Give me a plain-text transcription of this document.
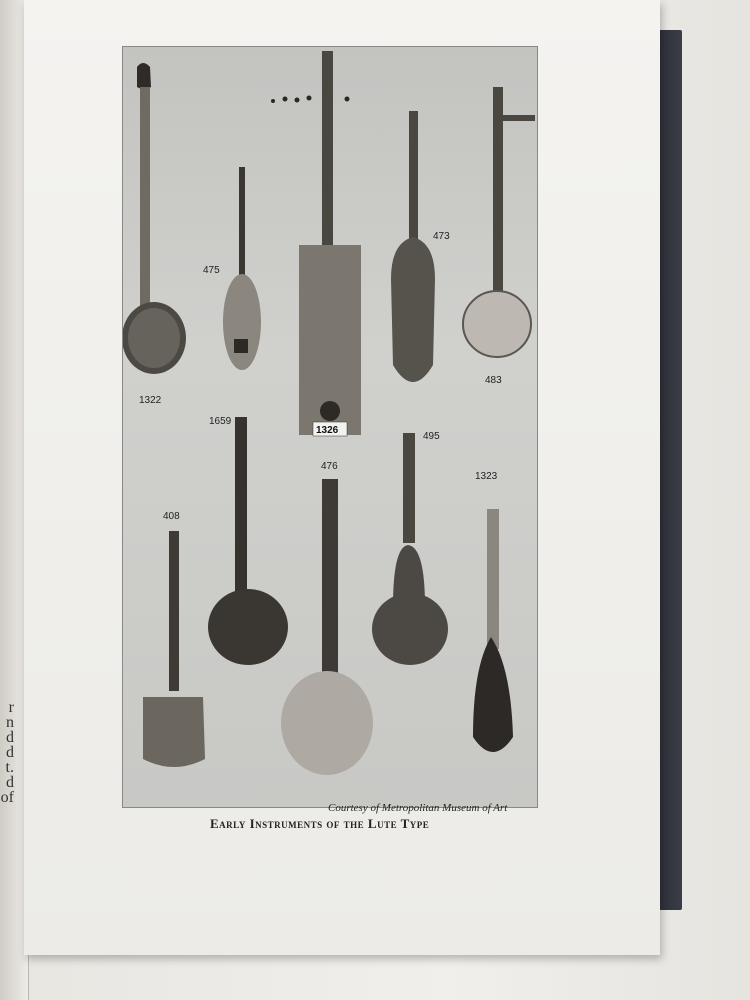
r
n
d
d
t.
d
of
1322
475
1326
473
483
1659
495
476
1323
408
Courtesy of Metropolitan Museum of Art
Early Instruments of the Lute Type
